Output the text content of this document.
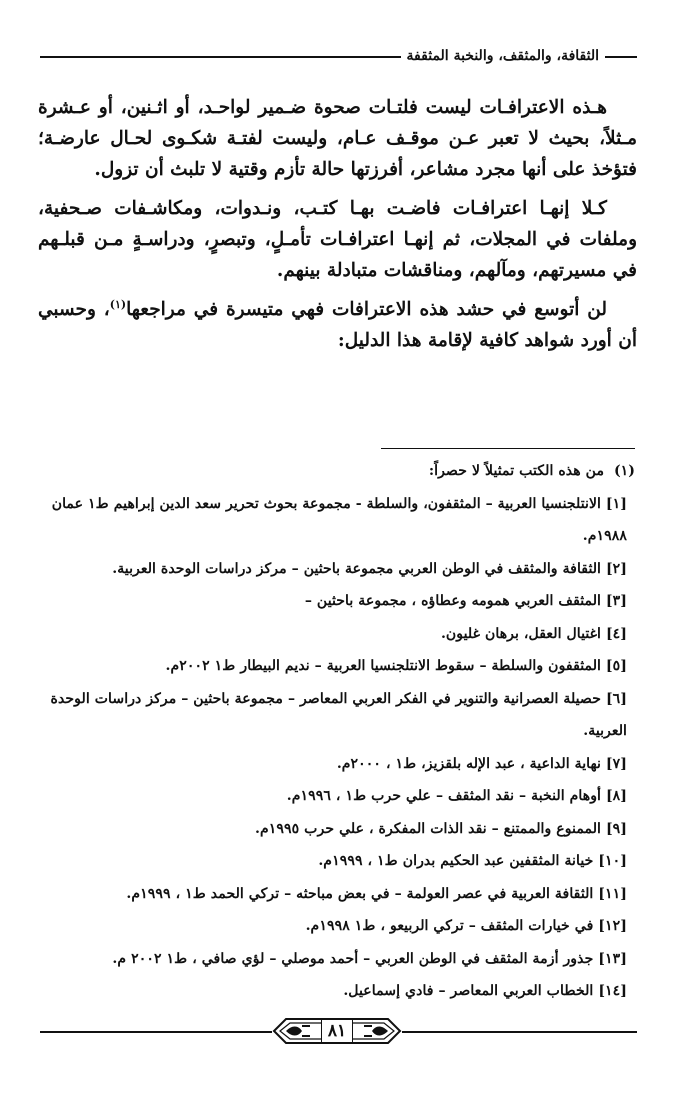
الثقافة، والمثقف، والنخبة المثقفة

هـذه الاعترافـات ليست فلتـات صحوة ضـمير لواحـد، أو اثـنين، أو عـشرة مـثلاً، بحيث لا تعبر عـن موقـف عـام، وليست لفتـة شكـوى لحـال عارضـة؛ فتؤخذ على أنها مجرد مشاعر، أفرزتها حالة تأزم وقتية لا تلبث أن تزول.

كـلا إنهـا اعترافـات فاضـت بهـا كتـب، ونـدوات، ومكاشـفات صـحفية، وملفات في المجلات، ثم إنهـا اعترافـات تأمـلٍ، وتبصرٍ، ودراسـةٍ مـن قبلـهم في مسيرتهم، ومآلهم، ومناقشات متبادلة بينهم.

لن أتوسع في حشد هذه الاعترافات فهي متيسرة في مراجعها$^{(١)}$، وحسبي أن أورد شواهد كافية لإقامة هذا الدليل:

(١)  من هذه الكتب تمثيلاً لا حصراً:

[١] الانتلجنسيا العربية – المثقفون، والسلطة - مجموعة بحوث تحرير سعد الدين إبراهيم ط١ عمان ١٩٨٨م.
[٢] الثقافة والمثقف في الوطن العربي مجموعة باحثين – مركز دراسات الوحدة العربية.
[٣] المثقف العربي همومه وعطاؤه ، مجموعة باحثين –
[٤] اغتيال العقل، برهان غليون.
[٥] المثقفون والسلطة – سقوط الانتلجنسيا العربية – نديم البيطار ط١ ٢٠٠٢م.
[٦] حصيلة العصرانية والتنوير في الفكر العربي المعاصر – مجموعة باحثين – مركز دراسات الوحدة العربية.
[٧] نهاية الداعية ، عبد الإله بلقزيز، ط١ ، ٢٠٠٠م.
[٨] أوهام النخبة – نقد المثقف – علي حرب ط١ ، ١٩٩٦م.
[٩] الممنوع والممتنع – نقد الذات المفكرة ، علي حرب ١٩٩٥م.
[١٠] خيانة المثقفين عبد الحكيم بدران ط١ ، ١٩٩٩م.
[١١] الثقافة العربية في عصر العولمة – في بعض مباحثه – تركي الحمد ط١ ، ١٩٩٩م.
[١٢] في خيارات المثقف – تركي الربيعو ، ط١ ١٩٩٨م.
[١٣] جذور أزمة المثقف في الوطن العربي – أحمد موصلي – لؤي صافي ، ط١ ٢٠٠٢ م.
[١٤] الخطاب العربي المعاصر – فادي إسماعيل.
٨١
